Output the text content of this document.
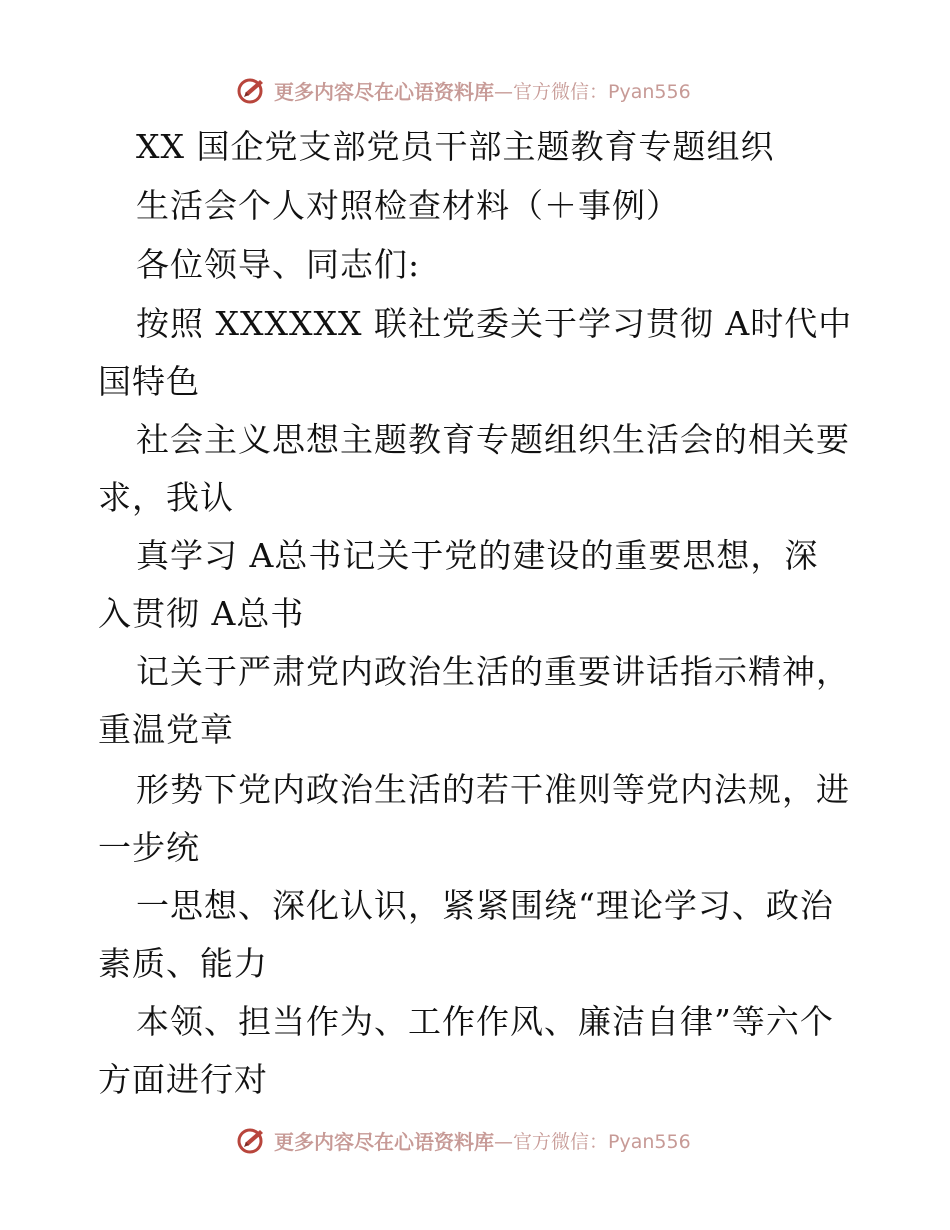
更多内容尽在心语资料库 —官方微信：Pyan556
XX 国企党支部党员干部主题教育专题组织
生活会个人对照检查材料（＋事例）
各位领导、同志们:
按照 XXXXXX 联社党委关于学习贯彻 A时代中
国特色
社会主义思想主题教育专题组织生活会的相关要
求，我认
真学习 A总书记关于党的建设的重要思想，深
入贯彻 A总书
记关于严肃党内政治生活的重要讲话指示精神，
重温党章
形势下党内政治生活的若干准则等党内法规，进
一步统
一思想、深化认识，紧紧围绕“理论学习、政治
素质、能力
本领、担当作为、工作作风、廉洁自律”等六个
方面进行对
更多内容尽在心语资料库 —官方微信：Pyan556
